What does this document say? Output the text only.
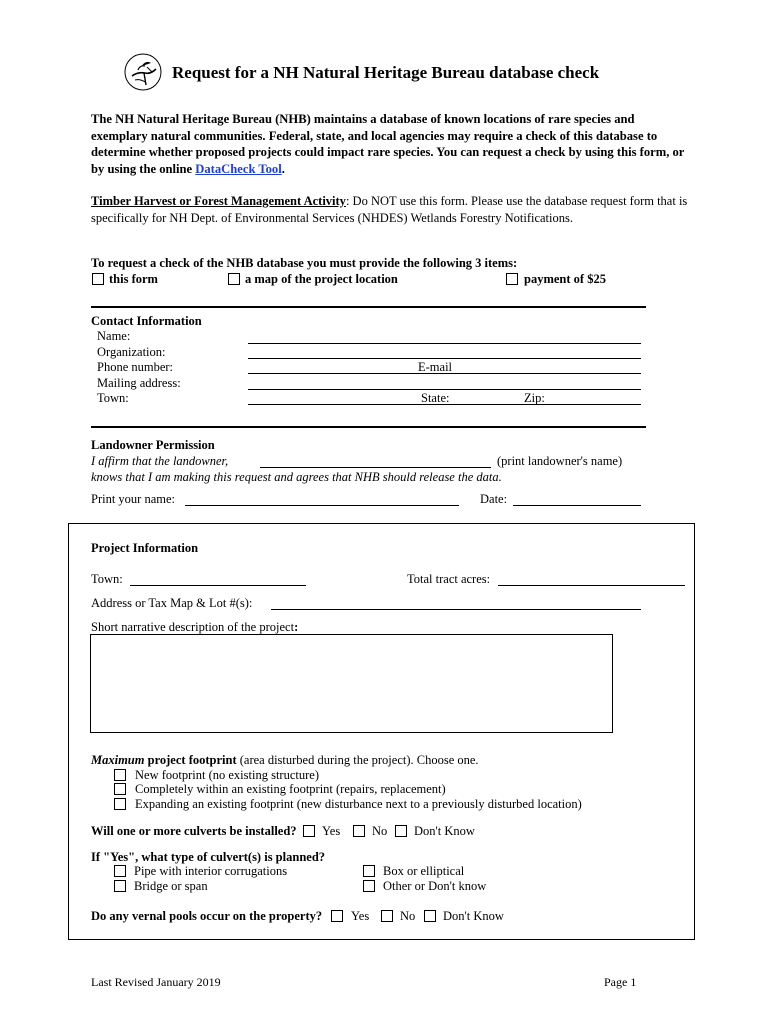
Request for a NH Natural Heritage Bureau database check
The NH Natural Heritage Bureau (NHB) maintains a database of known locations of rare species and exemplary natural communities. Federal, state, and local agencies may require a check of this database to determine whether proposed projects could impact rare species. You can request a check by using this form, or by using the online DataCheck Tool.
Timber Harvest or Forest Management Activity: Do NOT use this form. Please use the database request form that is specifically for NH Dept. of Environmental Services (NHDES) Wetlands Forestry Notifications.
To request a check of the NHB database you must provide the following 3 items:
this form	a map of the project location	payment of $25
Contact Information
Name:
Organization:
Phone number:	E-mail
Mailing address:
Town:	State:	Zip:
Landowner Permission
I affirm that the landowner,	(print landowner's name)
knows that I am making this request and agrees that NHB should release the data.
Print your name:	Date:
Project Information
Town:	Total tract acres:
Address or Tax Map & Lot #(s):
Short narrative description of the project:
Maximum project footprint (area disturbed during the project). Choose one.
New footprint (no existing structure)
Completely within an existing footprint (repairs, replacement)
Expanding an existing footprint (new disturbance next to a previously disturbed location)
Will one or more culverts be installed? Yes	No Don't Know
If "Yes", what type of culvert(s) is planned?
Pipe with interior corrugations	Box or elliptical
Bridge or span	Other or Don't know
Do any vernal pools occur on the property? Yes No Don't Know
Last Revised January 2019	Page 1
